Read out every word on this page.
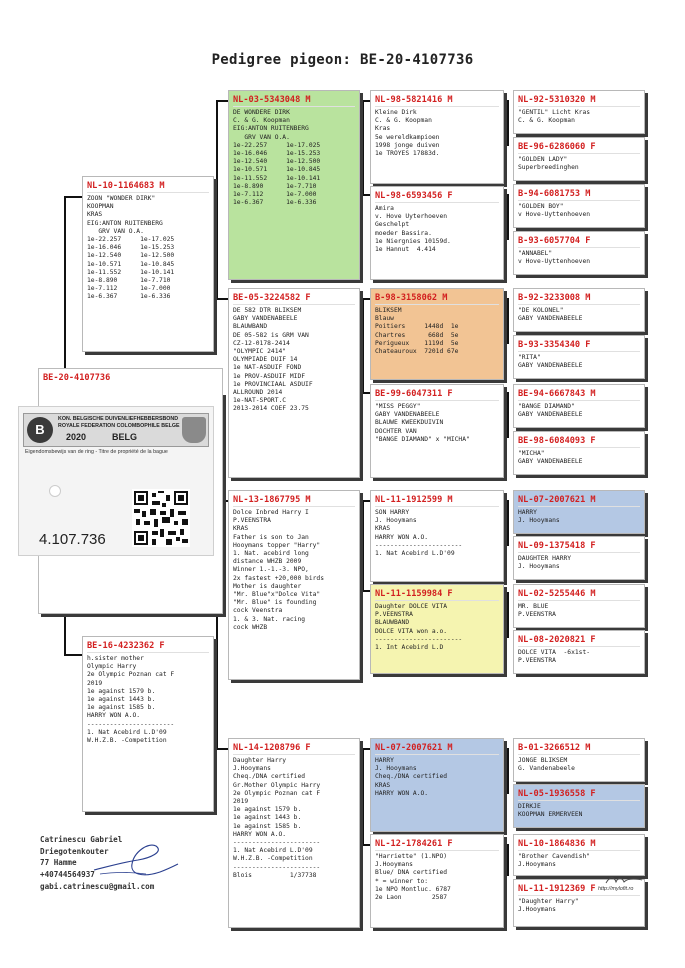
Pedigree pigeon: BE-20-4107736
BE-20-4107736
B
KON. BELGISCHE DUIVENLIEFHEBBERSBOND
ROYALE FEDERATION COLOMBOPHILE BELGE
2020	BELG
Eigendomsbewijs van de ring - Titre de propriété de la bague
4.107.736
NL-10-1164683 M
ZOON "WONDER DIRK"
KOOPMAN
KRAS
EIG:ANTON RUITENBERG
GRV VAN O.A.
1e-22.257     1e-17.025
1e-16.046     1e-15.253
1e-12.540     1e-12.500
1e-10.571     1e-10.845
1e-11.552     1e-10.141
1e-8.890      1e-7.710
1e-7.112      1e-7.000
1e-6.367      1e-6.336
BE-16-4232362 F
h.sister mother
Olympic Harry
2e Olympic Poznan cat F
2019
1e against 1579 b.
1e against 1443 b.
1e against 1585 b.
HARRY WON A.O.
-----------------------
1. Nat Acebird L.D'09
W.H.Z.B. -Competition
NL-03-5343048 M
DE WONDERE DIRK
C. & G. Koopman
EIG:ANTON RUITENBERG
GRV VAN O.A.
1e-22.257     1e-17.025
1e-16.046     1e-15.253
1e-12.540     1e-12.500
1e-10.571     1e-10.845
1e-11.552     1e-10.141
1e-8.890      1e-7.710
1e-7.112      1e-7.000
1e-6.367      1e-6.336
BE-05-3224582 F
DE 582 DTR BLIKSEM
GABY VANDENABEELE
BLAUWBAND
DE 05-582 is GRM VAN
CZ-12-0178-2414
"OLYMPIC 2414"
OLYMPIADE DUIF 14
1e NAT-ASDUIF FOND
1e PROV-ASDUIF MIDF
1e PROVINCIAAL ASDUIF
ALLROUND 2014
1e-NAT-SPORT.C
2013-2014 COEF 23.75
NL-13-1867795 M
Dolce Inbred Harry I
P.VEENSTRA
KRAS
Father is son to Jan
Hooymans topper "Harry"
1. Nat. acebird long
distance WHZB 2009
Winner 1.-1.-3. NPO,
2x fastest +20,000 birds
Mother is daughter
"Mr. Blue"x"Dolce Vita"
"Mr. Blue" is founding
cock Veenstra
1. & 3. Nat. racing
cock WHZB
NL-14-1208796 F
Daughter Harry
J.Hooymans
Cheq./DNA certified
Gr.Mother Olympic Harry
2e Olympic Poznan cat F
2019
1e against 1579 b.
1e against 1443 b.
1e against 1585 b.
HARRY WON A.O.
-----------------------
1. Nat Acebird L.D'09
W.H.Z.B. -Competition
-----------------------
Blois          1/37738
NL-98-5821416 M
Kleine Dirk
C. & G. Koopman
Kras
5e wereldkampioen
1998 jonge duiven
1e TROYES 17883d.
NL-98-6593456 F
Amira
v. Hove Uyterhoeven
Geschelpt
moeder Bassira.
1e Niergnies 10159d.
1e Hannut  4.414
B-98-3158062 M
BLIKSEM
Blauw
Poitiers     1448d  1e
Chartres      668d  5e
Perigueux    1119d  5e
Chateauroux  7201d 67e
BE-99-6047311 F
"MISS PEGGY"
GABY VANDENABEELE
BLAUWE KWEEKDUIVIN
DOCHTER VAN
"BANGE DIAMAND" x "MICHA"
NL-11-1912599 M
SON HARRY
J. Hooymans
KRAS
HARRY WON A.O.
-----------------------
1. Nat Acebird L.D'09
NL-11-1159984 F
Daughter DOLCE VITA
P.VEENSTRA
BLAUWBAND
DOLCE VITA won a.o.
-----------------------
1. Int Acebird L.D
NL-07-2007621 M
HARRY
J. Hooymans
Cheq./DNA certified
KRAS
HARRY WON A.O.
NL-12-1784261 F
"Harriette" (1.NPO)
J.Hooymans
Blue/ DNA certified
* = winner to:
1e NPO Montluc. 6787
2e Laon        2587
NL-92-5310320 M
"GENTIL" Licht Kras
C. & G. Koopman
BE-96-6286060 F
"GOLDEN LADY"
Superbreedinghen
B-94-6081753 M
"GOLDEN BOY"
v Hove-Uyttenhoeven
B-93-6057704 F
"ANNABEL"
v Hove-Uyttenhoeven
B-92-3233008 M
"DE KOLONEL"
GABY VANDENABEELE
B-93-3354340 F
"RITA"
GABY VANDENABEELE
BE-94-6667843 M
"BANGE DIAMAND"
GABY VANDENABEELE
BE-98-6084093 F
"MICHA"
GABY VANDENABEELE
NL-07-2007621 M
HARRY
J. Hooymans
NL-09-1375418 F
DAUGHTER HARRY
J. Hooymans
NL-02-5255446 M
MR. BLUE
P.VEENSTRA
NL-08-2020821 F
DOLCE VITA  -6x1st-
P.VEENSTRA
B-01-3266512 M
JONGE BLIKSEM
G. Vandenabeele
NL-05-1936558 F
DIRKJE
KOOPMAN ERMERVEEN
NL-10-1864836 M
"Brother Cavendish"
J.Hooymans
NL-11-1912369 F
"Daughter Harry"
J.Hooymans
Catrinescu Gabriel
Driegotenkouter
77 Hamme
+40744564937
gabi.catrinescu@gmail.com	http://mylofit.ro
